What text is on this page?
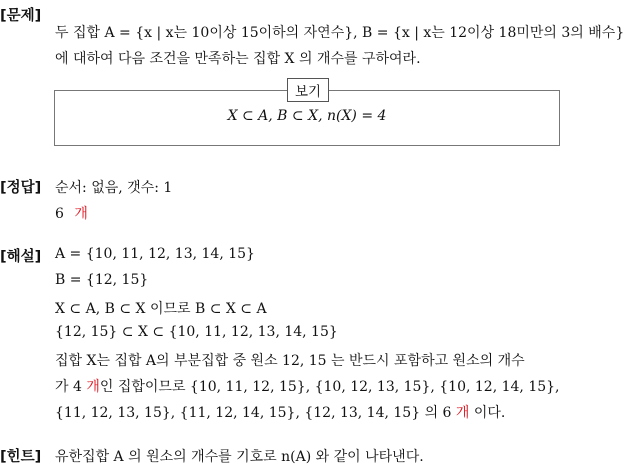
[문제]
두 집합 A = {x | x는 10이상 15이하의 자연수}, B = {x | x는 12이상 18미만의 3의 배수}
에 대하여 다음 조건을 만족하는 집합 X 의 개수를 구하여라.
보기
X ⊂ A, B ⊂ X, n(X) = 4
[정답] 순서: 없음, 갯수: 1
6 개
[해설] A = {10, 11, 12, 13, 14, 15}
B = {12, 15}
X ⊂ A, B ⊂ X 이므로 B ⊂ X ⊂ A
{12, 15} ⊂ X ⊂ {10, 11, 12, 13, 14, 15}
집합 X는 집합 A의 부분집합 중 원소 12, 15 는 반드시 포함하고 원소의 개수
가 4 개인 집합이므로 {10, 11, 12, 15}, {10, 12, 13, 15}, {10, 12, 14, 15},
{11, 12, 13, 15}, {11, 12, 14, 15}, {12, 13, 14, 15} 의 6 개 이다.
[힌트] 유한집합 A 의 원소의 개수를 기호로 n(A) 와 같이 나타낸다.
